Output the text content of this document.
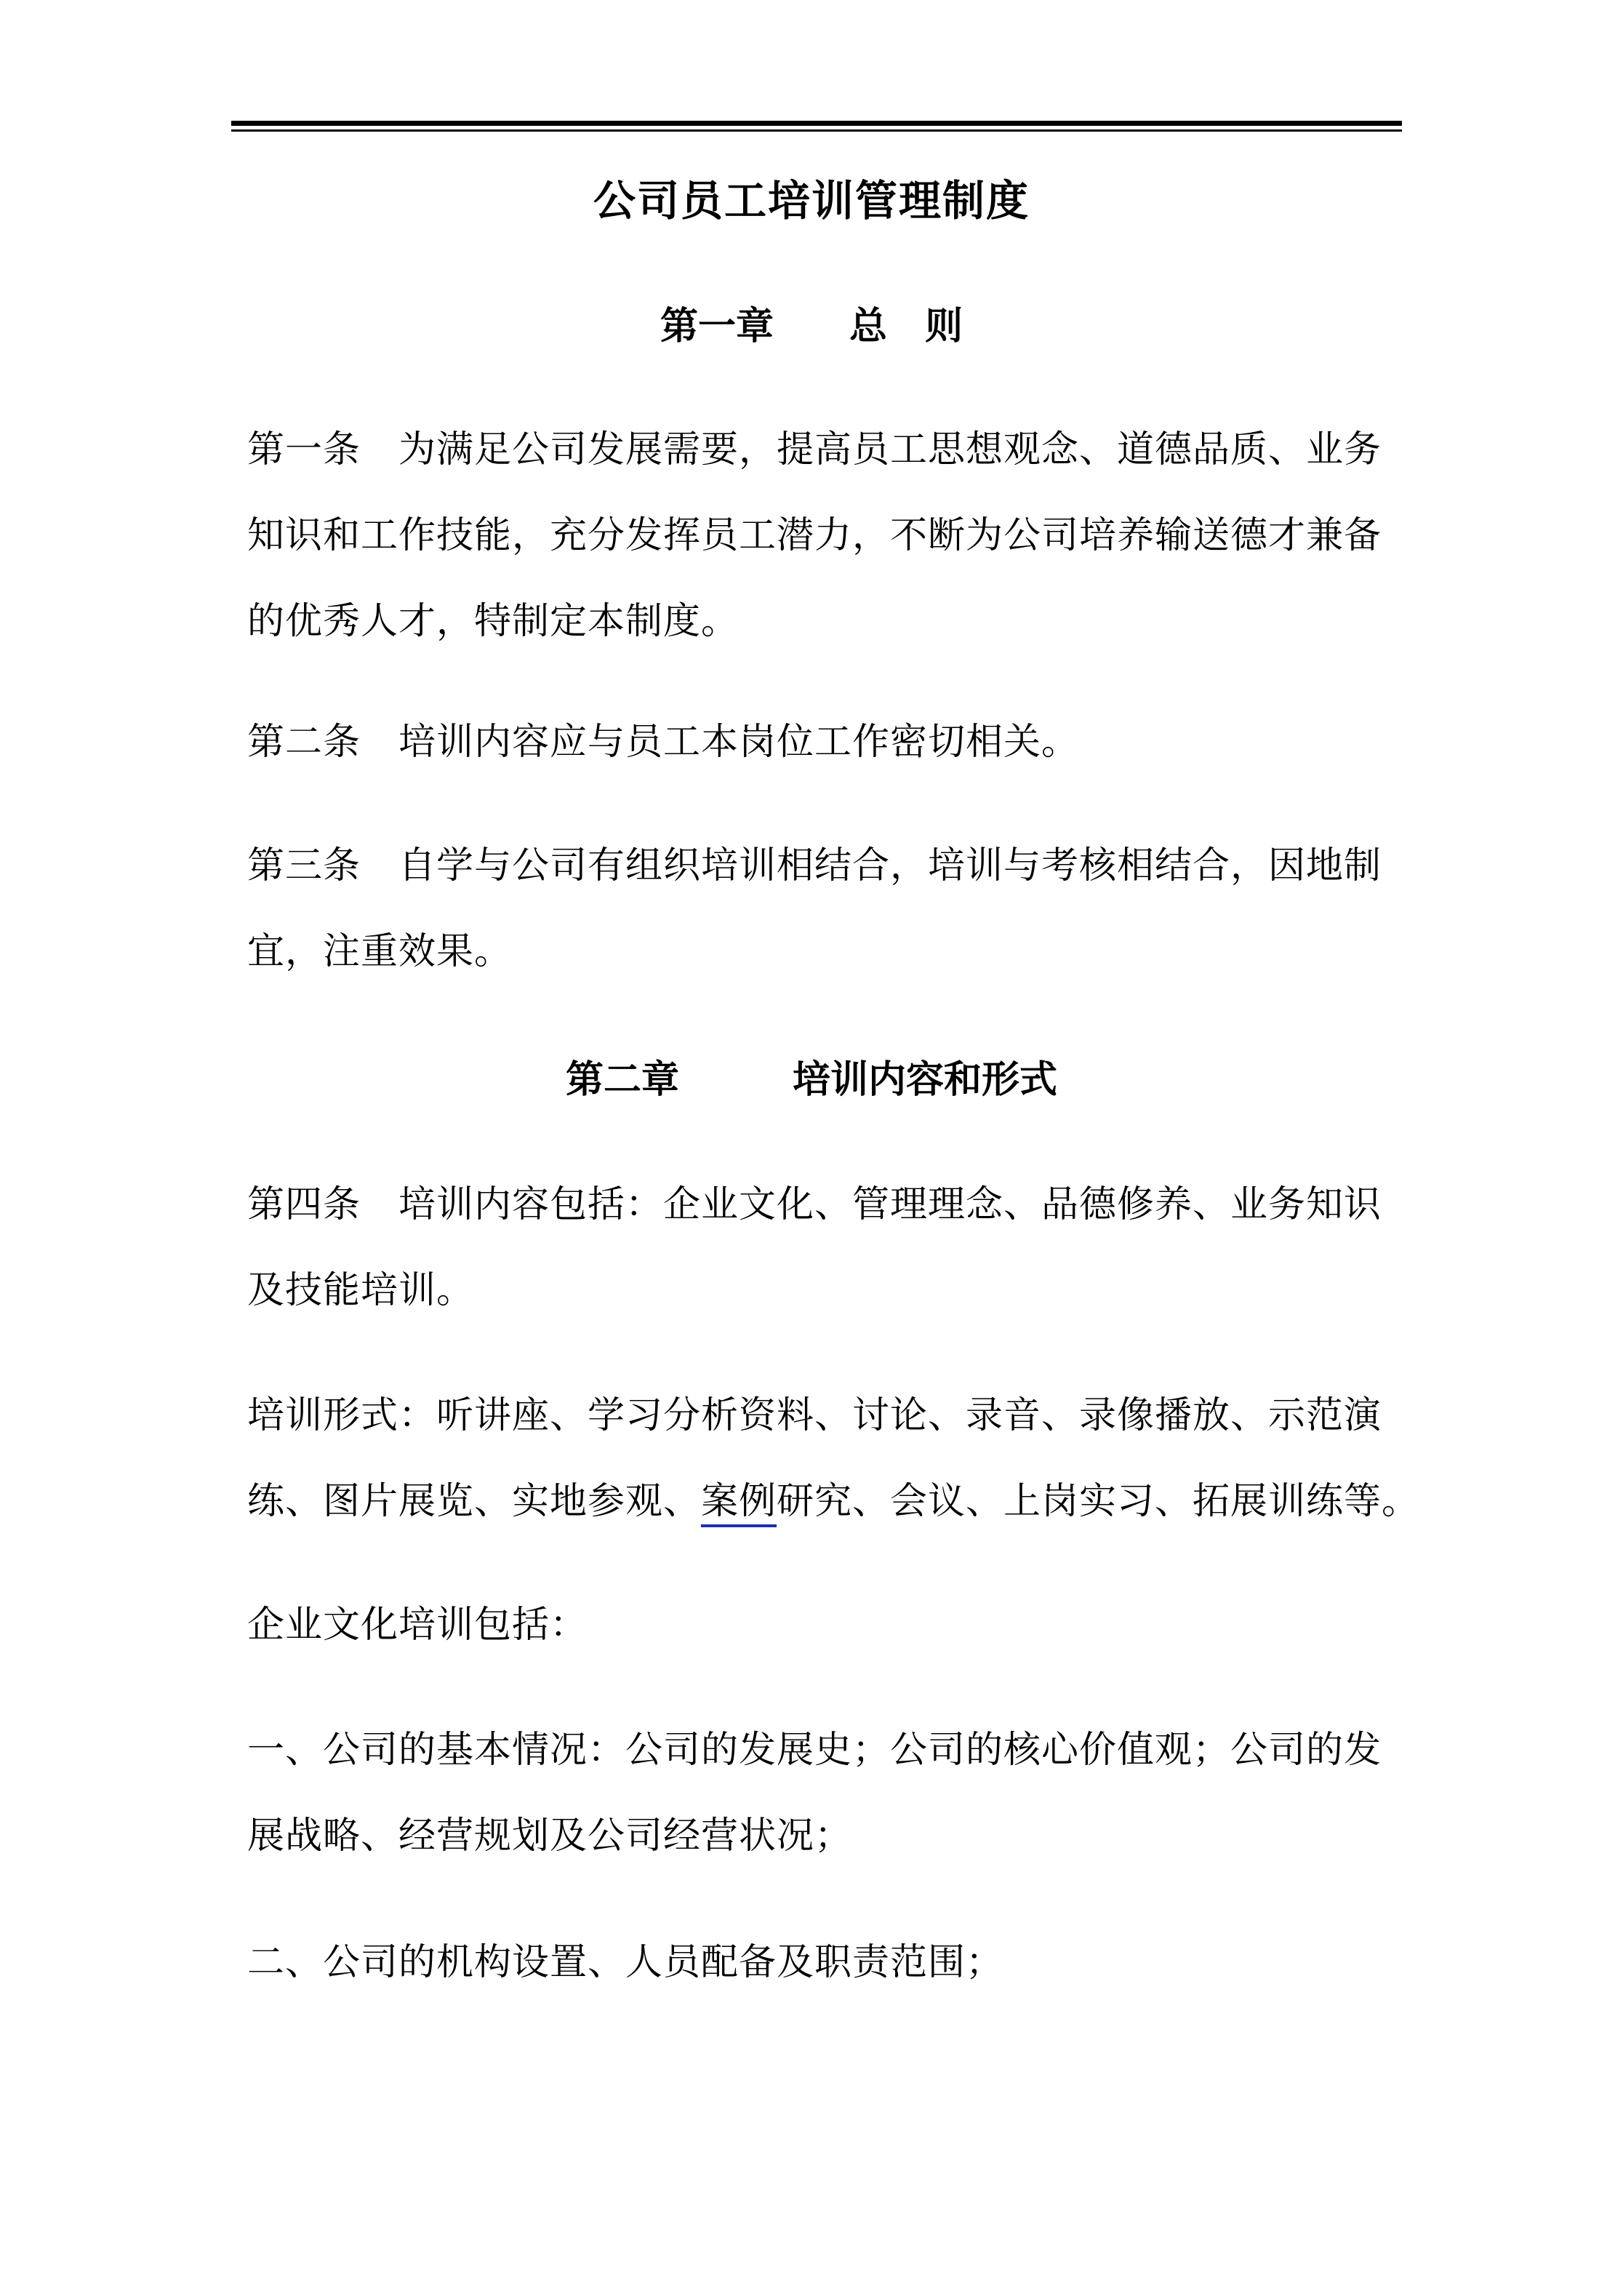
公司员工培训管理制度
第一章　　总　则
第一条　为满足公司发展需要，提高员工思想观念、道德品质、业务
知识和工作技能，充分发挥员工潜力，不断为公司培养输送德才兼备
的优秀人才，特制定本制度。
第二条　培训内容应与员工本岗位工作密切相关。
第三条　自学与公司有组织培训相结合，培训与考核相结合，因地制
宜，注重效果。
第二章　　　培训内容和形式
第四条　培训内容包括：企业文化、管理理念、品德修养、业务知识
及技能培训。
培训形式：听讲座、学习分析资料、讨论、录音、录像播放、示范演
练、图片展览、实地参观、案例研究、会议、上岗实习、拓展训练等。
企业文化培训包括：
一、公司的基本情况：公司的发展史；公司的核心价值观；公司的发
展战略、经营规划及公司经营状况；
二、公司的机构设置、人员配备及职责范围；
